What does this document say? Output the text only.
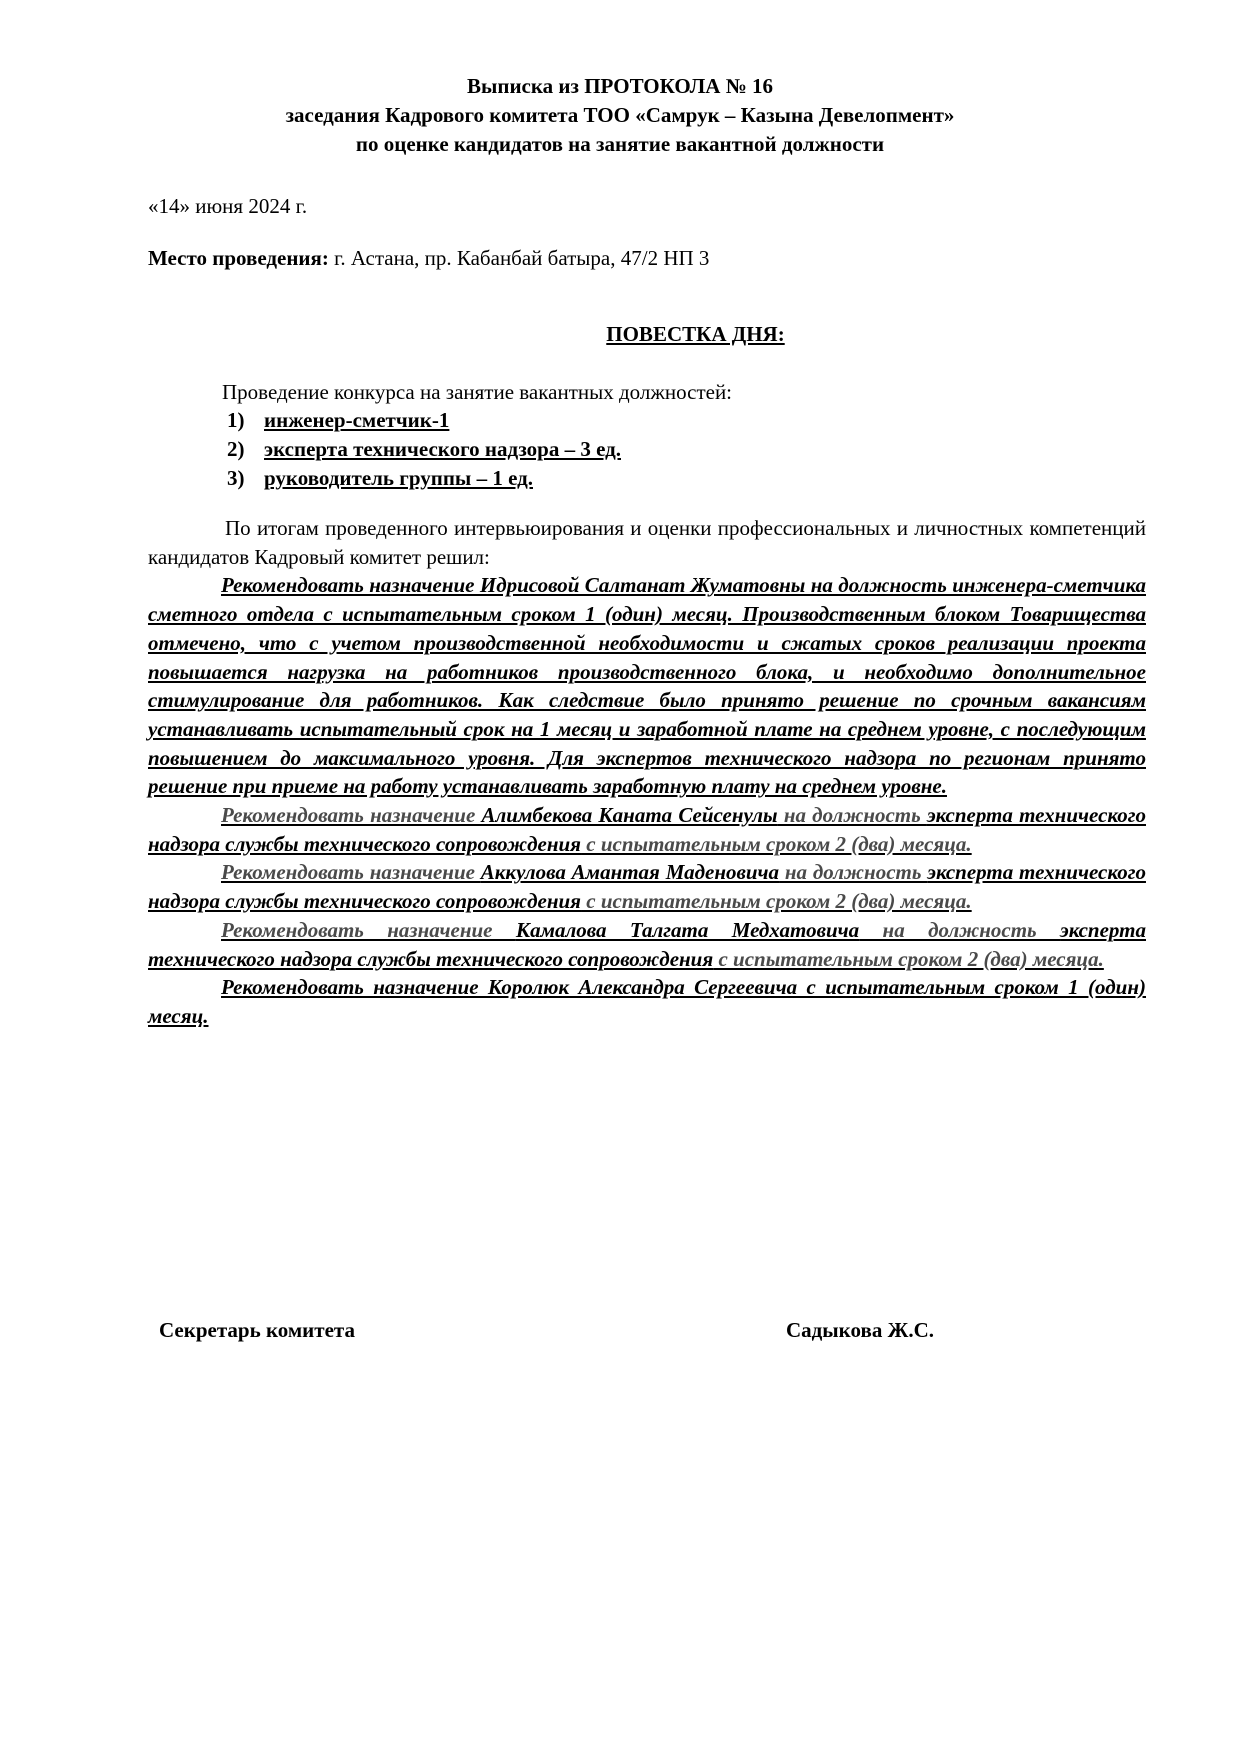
Выписка из ПРОТОКОЛА № 16
заседания Кадрового комитета ТОО «Самрук – Казына Девелопмент»
по оценке кандидатов на занятие вакантной должности
«14» июня 2024 г.
Место проведения: г. Астана, пр. Кабанбай батыра, 47/2 НП 3
ПОВЕСТКА ДНЯ:
Проведение конкурса на занятие вакантных должностей:
1) инженер-сметчик-1
2) эксперта технического надзора – 3 ед.
3) руководитель группы – 1 ед.

По итогам проведенного интервьюирования и оценки профессиональных и личностных компетенций кандидатов Кадровый комитет решил:

Рекомендовать назначение Идрисовой Салтанат Жуматовны на должность инженера-сметчика сметного отдела с испытательным сроком 1 (один) месяц. Производственным блоком Товарищества отмечено, что с учетом производственной необходимости и сжатых сроков реализации проекта повышается нагрузка на работников производственного блока, и необходимо дополнительное стимулирование для работников. Как следствие было принято решение по срочным вакансиям устанавливать испытательный срок на 1 месяц и заработной плате на среднем уровне, с последующим повышением до максимального уровня. Для экспертов технического надзора по регионам принято решение при приеме на работу устанавливать заработную плату на среднем уровне.

Рекомендовать назначение Алимбекова Каната Сейсенулы на должность эксперта технического надзора службы технического сопровождения с испытательным сроком 2 (два) месяца.

Рекомендовать назначение Аккулова Амантая Маденовича на должность эксперта технического надзора службы технического сопровождения с испытательным сроком 2 (два) месяца.

Рекомендовать назначение Камалова Талгата Медхатовича на должность эксперта технического надзора службы технического сопровождения с испытательным сроком 2 (два) месяца.

Рекомендовать назначение Королюк Александра Сергеевича с испытательным сроком 1 (один) месяц.

Секретарь комитета	Садыкова Ж.С.
